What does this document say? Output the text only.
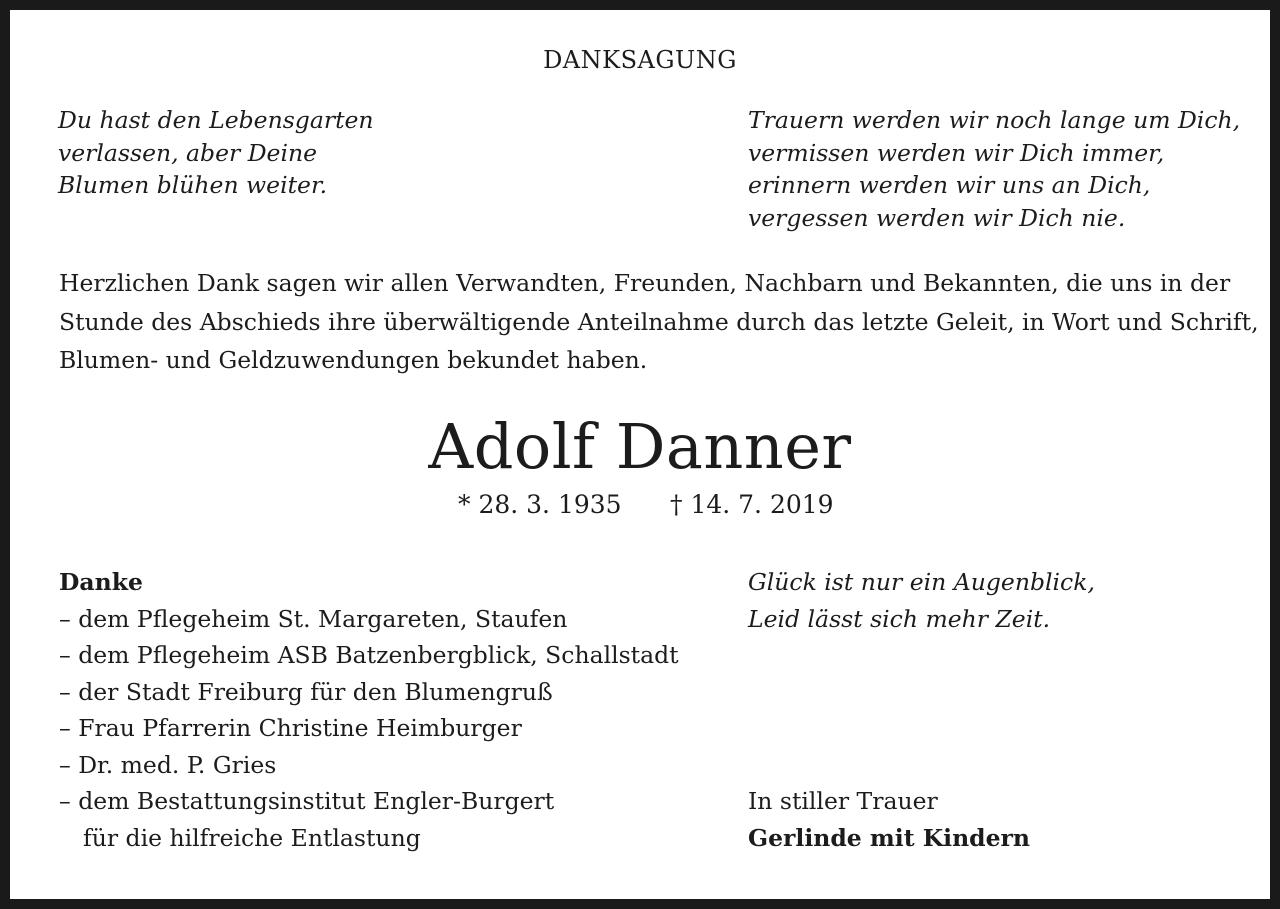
DANKSAGUNG
Du hast den Lebensgarten
verlassen, aber Deine
Blumen blühen weiter.
Trauern werden wir noch lange um Dich,
vermissen werden wir Dich immer,
erinnern werden wir uns an Dich,
vergessen werden wir Dich nie.
Herzlichen Dank sagen wir allen Verwandten, Freunden, Nachbarn und Bekannten, die uns in der
Stunde des Abschieds ihre überwältigende Anteilnahme durch das letzte Geleit, in Wort und Schrift,
Blumen- und Geldzuwendungen bekundet haben.
Adolf Danner
* 28. 3. 1935 † 14. 7. 2019
Danke
– dem Pflegeheim St. Margareten, Staufen
– dem Pflegeheim ASB Batzenbergblick, Schallstadt
– der Stadt Freiburg für den Blumengruß
– Frau Pfarrerin Christine Heimburger
– Dr. med. P. Gries
– dem Bestattungsinstitut Engler-Burgert
für die hilfreiche Entlastung
Glück ist nur ein Augenblick,
Leid lässt sich mehr Zeit.
In stiller Trauer
Gerlinde mit Kindern
